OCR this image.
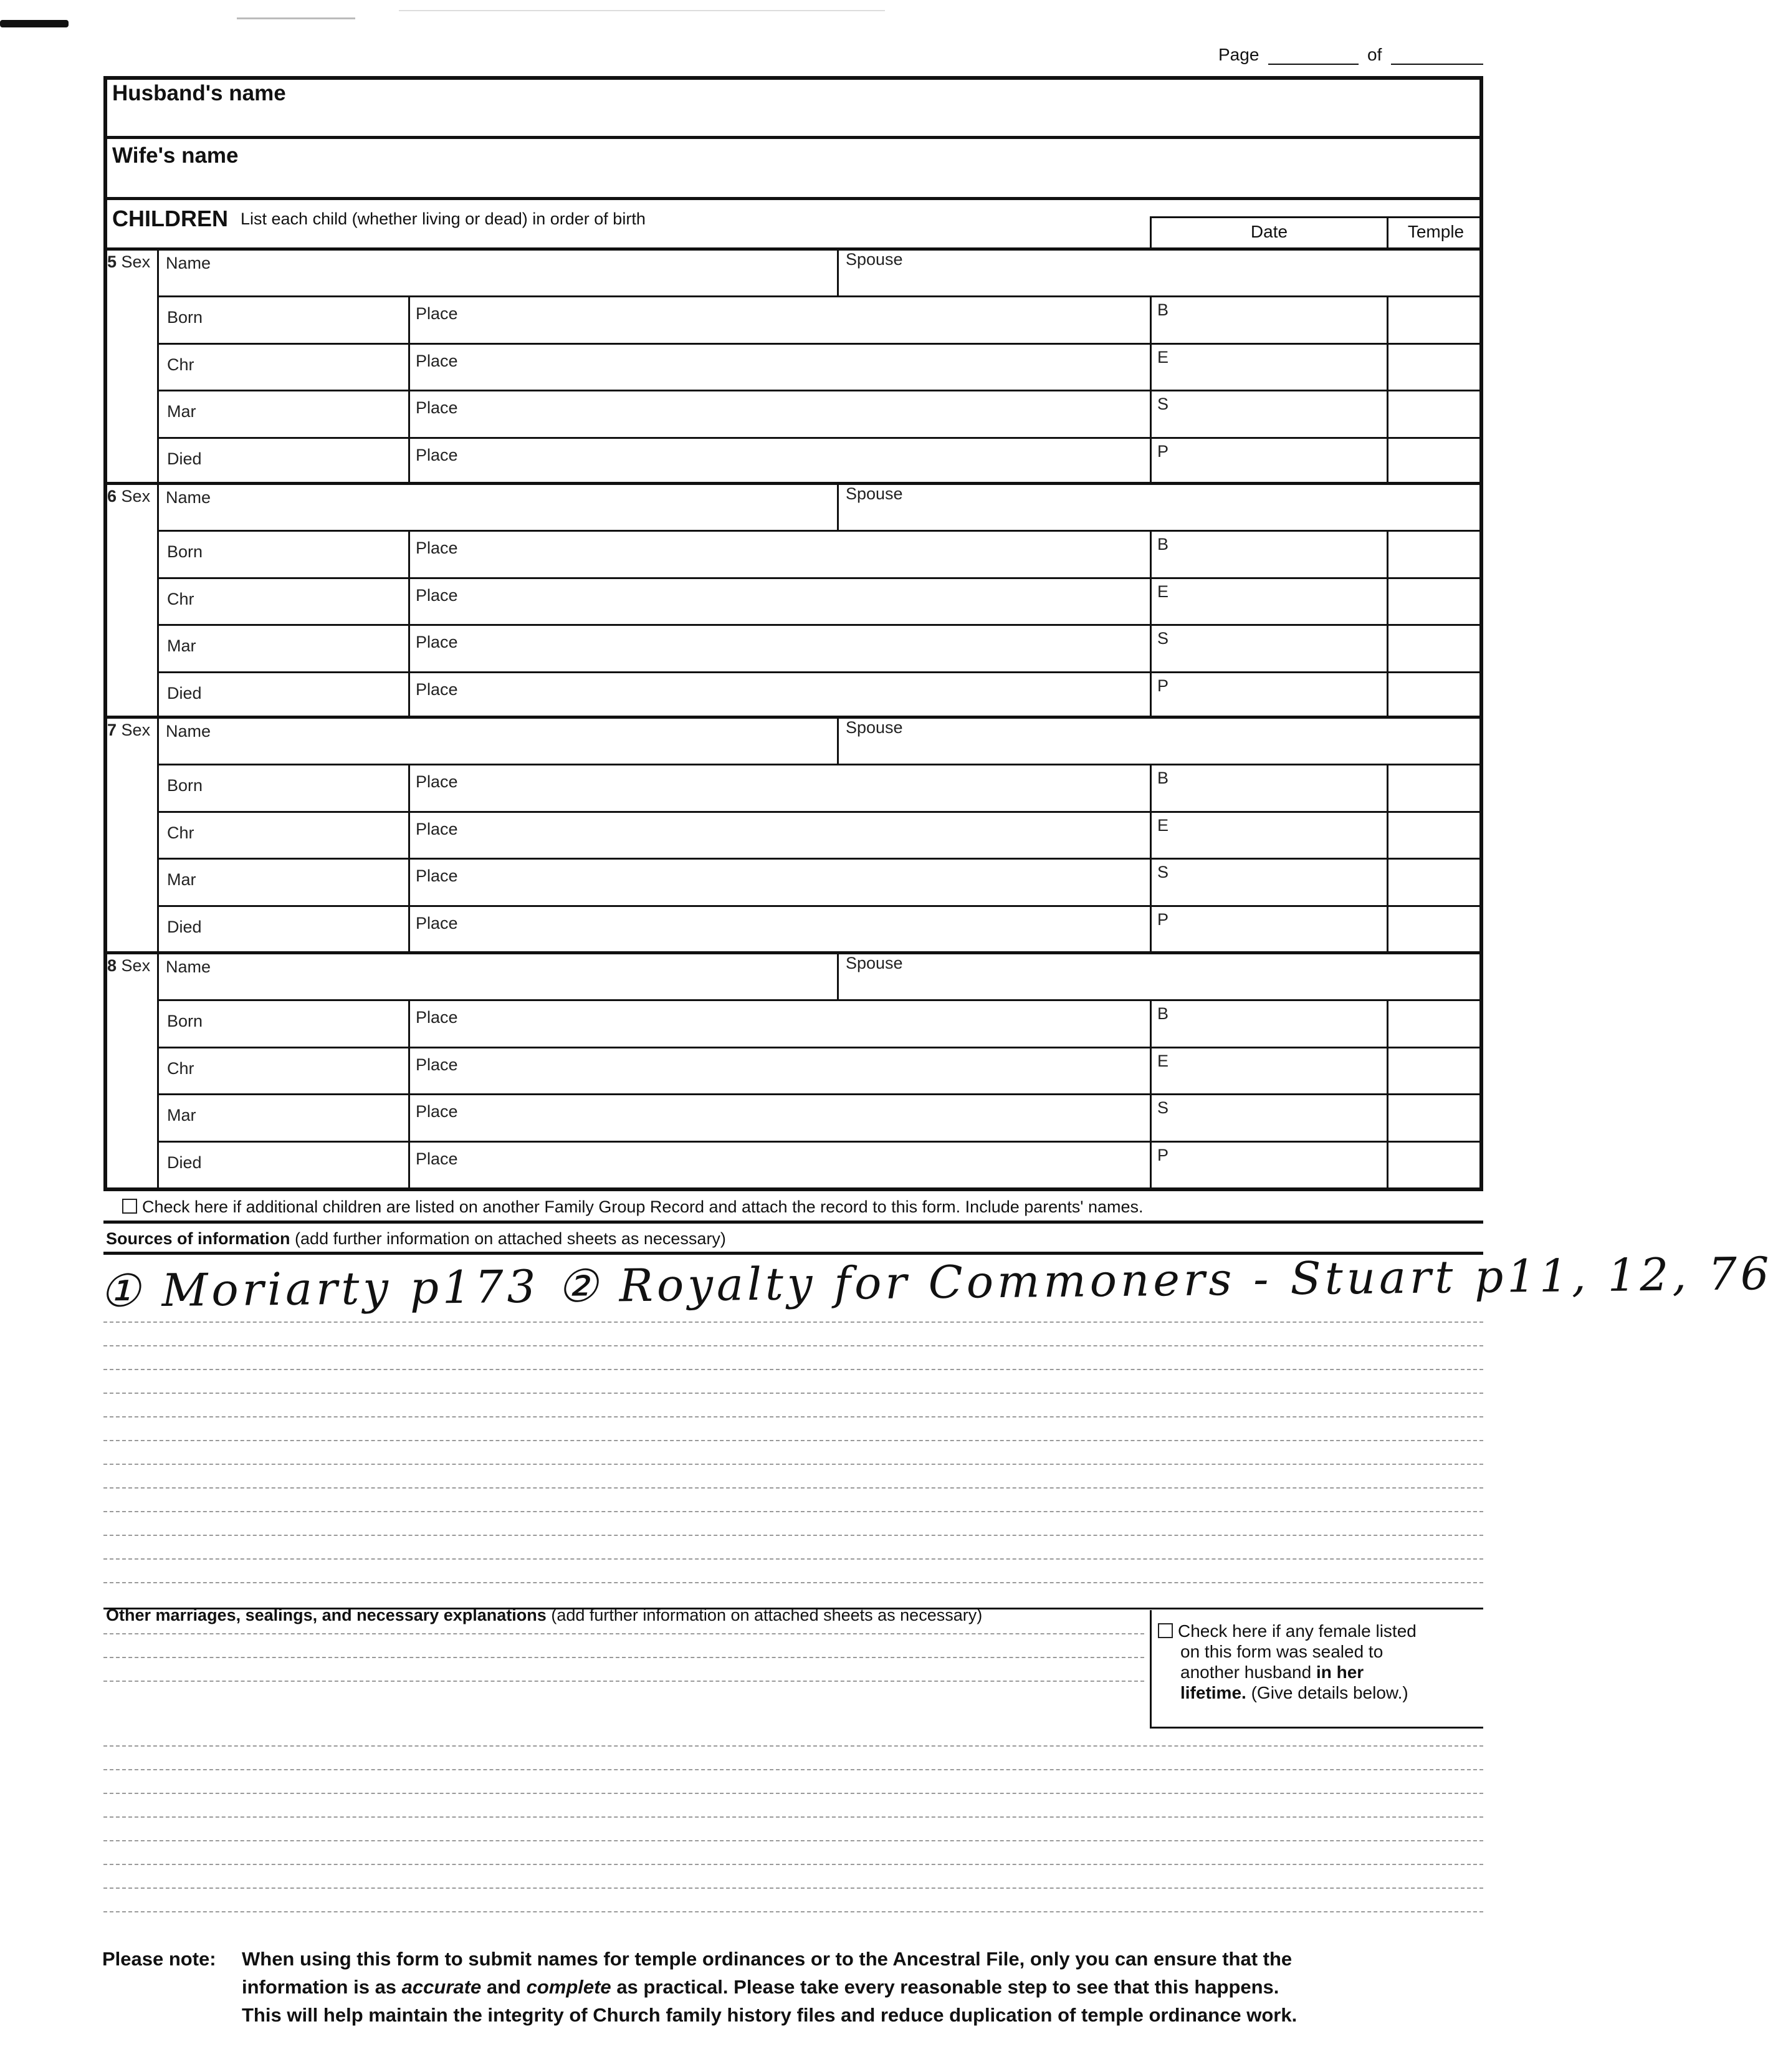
Page	of
Husband's name
Wife's name
CHILDREN List each child (whether living or dead) in order of birth
Date	Temple
5 Sex Name	Spouse
Born	Place	B
Chr	Place	E
Mar	Place	S
Died	Place	P
6 Sex Name	Spouse
Born	Place	B
Chr	Place	E
Mar	Place	S
Died	Place	P
7 Sex Name	Spouse
Born	Place	B
Chr	Place	E
Mar	Place	S
Died	Place	P
8 Sex Name	Spouse
Born	Place	B
Chr	Place	E
Mar	Place	S
Died	Place	P
Check here if additional children are listed on another Family Group Record and attach the record to this form. Include parents' names.
Sources of information (add further information on attached sheets as necessary)
① Moriarty p173 ② Royalty for Commoners - Stuart p11, 12, 76
Other marriages, sealings, and necessary explanations (add further information on attached sheets as necessary)
Check here if any female listed
on this form was sealed to
another husband in her
lifetime. (Give details below.)
Please note: When using this form to submit names for temple ordinances or to the Ancestral File, only you can ensure that the
information is as accurate and complete as practical. Please take every reasonable step to see that this happens.
This will help maintain the integrity of Church family history files and reduce duplication of temple ordinance work.
